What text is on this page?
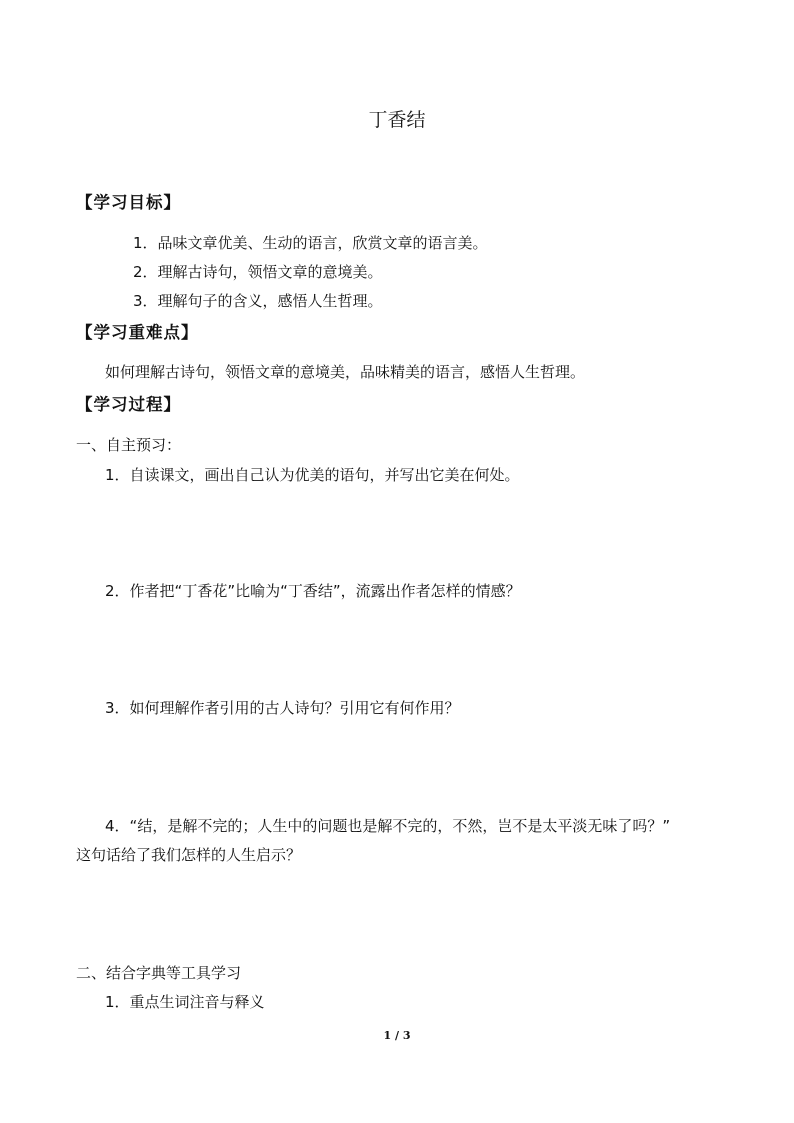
丁香结
【学习目标】
1．品味文章优美、生动的语言，欣赏文章的语言美。
2．理解古诗句，领悟文章的意境美。
3．理解句子的含义，感悟人生哲理。
【学习重难点】
如何理解古诗句，领悟文章的意境美，品味精美的语言，感悟人生哲理。
【学习过程】
一、自主预习：
1．自读课文，画出自己认为优美的语句，并写出它美在何处。
2．作者把“丁香花”比喻为“丁香结”，流露出作者怎样的情感？
3．如何理解作者引用的古人诗句？引用它有何作用？
4．“结，是解不完的；人生中的问题也是解不完的，不然，岂不是太平淡无味了吗？”
这句话给了我们怎样的人生启示？
二、结合字典等工具学习
1．重点生词注音与释义
1 / 3
